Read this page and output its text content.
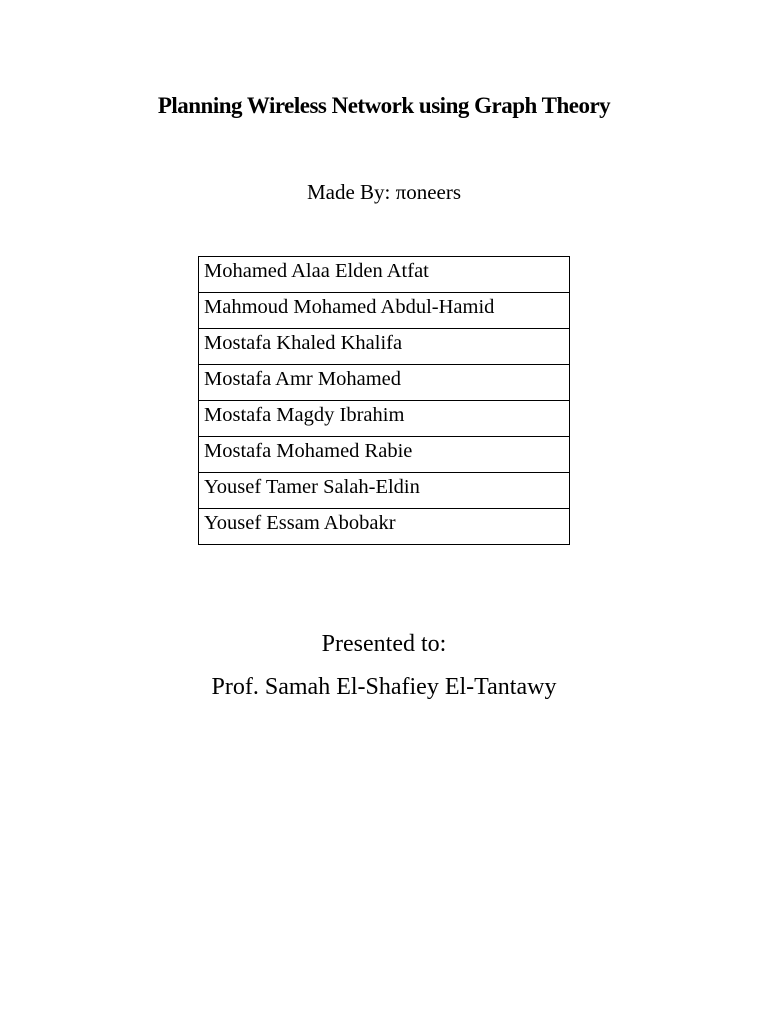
Planning Wireless Network using Graph Theory
Made By: πoneers
Mohamed Alaa Elden Atfat
Mahmoud Mohamed Abdul-Hamid
Mostafa Khaled Khalifa
Mostafa Amr Mohamed
Mostafa Magdy Ibrahim
Mostafa Mohamed Rabie
Yousef Tamer Salah-Eldin
Yousef Essam Abobakr
Presented to:
Prof. Samah El-Shafiey El-Tantawy
